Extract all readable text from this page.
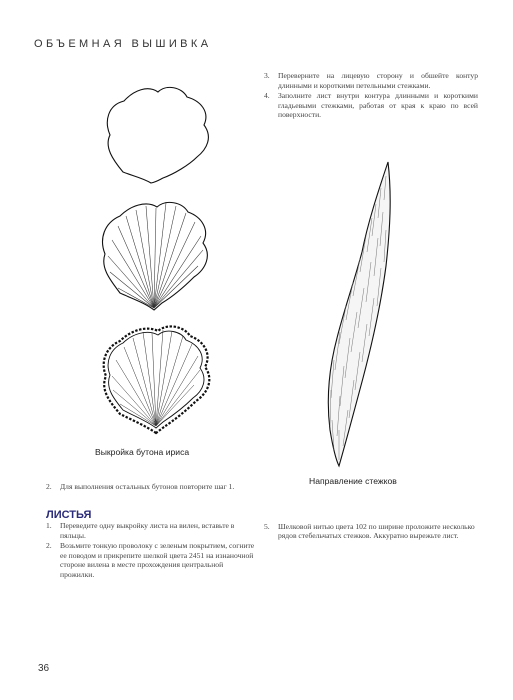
ОБЪЕМНАЯ ВЫШИВКА
3. Переверните на лицевую сторону и обшейте контур длинными и короткими петельными стежками.
4. Заполните лист внутри контура длинными и короткими гладьевыми стежками, работая от края к краю по всей поверхности.
Выкройка бутона ириса
Направление стежков
2. Для выполнения остальных бутонов повторите шаг 1.
ЛИСТЬЯ
1. Переведите одну выкройку листа на вилен, вставьте в пяльцы.
2. Возьмите тонкую проволоку с зеленым покрытием, согните ее поводом и прикрепите шелкой цвета 2451 на изнаночной стороне вилена в месте прохождения центральной прожилки.
5. Шелковой нитью цвета 102 по ширине проложите несколько рядов стебельчатых стежков. Аккуратно вырежьте лист.
36
